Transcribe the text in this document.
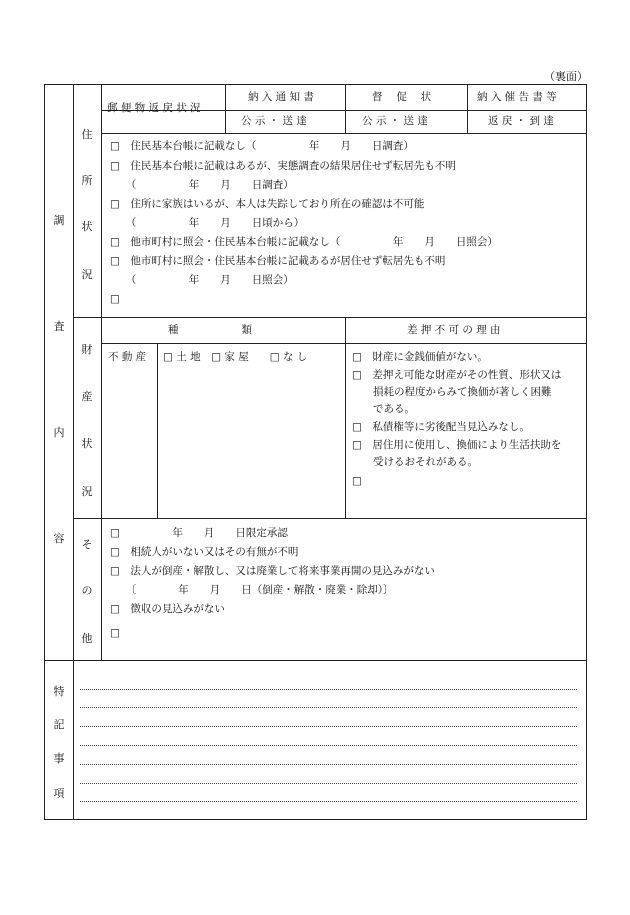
（裏面）
調
査
内
容
住
所
状
況
財
産
状
況
そ
の
他
特
記
事
項
郵 便 物 返 戻 状 況
納 入 通 知 書	督　 促　 状	納 入 催 告 書 等
公 示 ・ 送 達	公 示 ・ 送 達	返 戻 ・ 到 達
□　住民基本台帳に記載なし（　　　　　年　　月　　日調査）
□　住民基本台帳に記載はあるが、実態調査の結果居住せず転居先も不明
　　（　　　　　年　　月　　日調査）
□　住所に家族はいるが、本人は失踪しており所在の確認は不可能
　　（　　　　　年　　月　　日頃から）
□　他市町村に照会・住民基本台帳に記載なし（　　　　　年　　月　　日照会）
□　他市町村に照会・住民基本台帳に記載あるが居住せず転居先も不明
　　（　　　　　年　　月　　日照会）
□
種　　　　　　類	差 押 不 可 の 理 由
不 動 産 □ 土 地　□ 家 屋　　□ な し	□　財産に金銭価値がない。
□　差押え可能な財産がその性質、形状又は
　　損耗の程度からみて換価が著しく困難
　　である。
□　私債権等に劣後配当見込みなし。
□　居住用に使用し、換価により生活扶助を
　　受けるおそれがある。
□
□　　　　　年　　月　　日限定承認
□　相続人がいない又はその有無が不明
□　法人が倒産・解散し、又は廃業して将来事業再開の見込みがない
　　〔　　　　年　　月　　日（倒産・解散・廃業・除却）〕
□　徴収の見込みがない
□
